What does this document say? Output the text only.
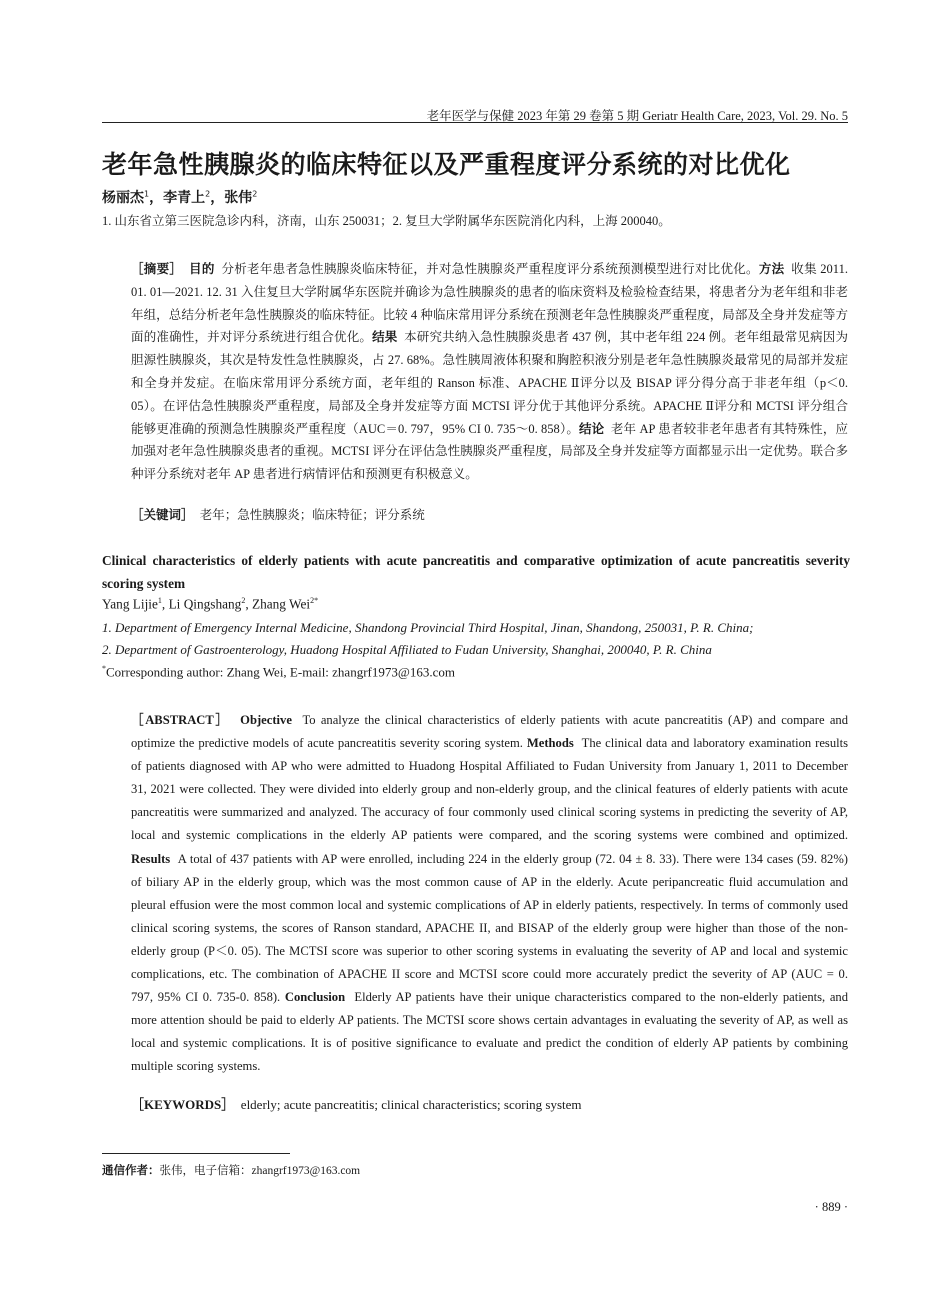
老年医学与保健 2023 年第 29 卷第 5 期 Geriatr Health Care, 2023, Vol. 29. No. 5
老年急性胰腺炎的临床特征以及严重程度评分系统的对比优化
杨丽杰$^1$，李青上$^2$，张伟$^2$
1. 山东省立第三医院急诊内科，济南，山东 250031；2. 复旦大学附属华东医院消化内科，上海 200040。
［摘要］ 目的 分析老年患者急性胰腺炎临床特征，并对急性胰腺炎严重程度评分系统预测模型进行对比优化。方法 收集 2011. 01. 01—2021. 12. 31 入住复旦大学附属华东医院并确诊为急性胰腺炎的患者的临床资料及检验检查结果，将患者分为老年组和非老年组，总结分析老年急性胰腺炎的临床特征。比较 4 种临床常用评分系统在预测老年急性胰腺炎严重程度，局部及全身并发症等方面的准确性，并对评分系统进行组合优化。结果 本研究共纳入急性胰腺炎患者 437 例，其中老年组 224 例。老年组最常见病因为胆源性胰腺炎，其次是特发性急性胰腺炎，占 27. 68%。急性胰周液体积聚和胸腔积液分别是老年急性胰腺炎最常见的局部并发症和全身并发症。在临床常用评分系统方面，老年组的 Ranson 标准、APACHE Ⅱ评分以及 BISAP 评分得分高于非老年组（p＜0. 05）。在评估急性胰腺炎严重程度，局部及全身并发症等方面 MCTSI 评分优于其他评分系统。APACHE Ⅱ评分和 MCTSI 评分组合能够更准确的预测急性胰腺炎严重程度（AUC＝0. 797，95% CI 0. 735～0. 858）。结论 老年 AP 患者较非老年患者有其特殊性，应加强对老年急性胰腺炎患者的重视。MCTSI 评分在评估急性胰腺炎严重程度，局部及全身并发症等方面都显示出一定优势。联合多种评分系统对老年 AP 患者进行病情评估和预测更有积极意义。
［关键词］ 老年；急性胰腺炎；临床特征；评分系统
Clinical characteristics of elderly patients with acute pancreatitis and comparative optimization of acute pancreatitis severity scoring system
Yang Lijie$^1$, Li Qingshang$^2$, Zhang Wei$^{2*}$
1. Department of Emergency Internal Medicine, Shandong Provincial Third Hospital, Jinan, Shandong, 250031, P. R. China;
2. Department of Gastroenterology, Huadong Hospital Affiliated to Fudan University, Shanghai, 200040, P. R. China
*Corresponding author: Zhang Wei, E-mail: zhangrf1973@163.com
［ABSTRACT］ Objective To analyze the clinical characteristics of elderly patients with acute pancreatitis (AP) and compare and optimize the predictive models of acute pancreatitis severity scoring system. Methods The clinical data and laboratory examination results of patients diagnosed with AP who were admitted to Huadong Hospital Affiliated to Fudan University from January 1, 2011 to December 31, 2021 were collected. They were divided into elderly group and non-elderly group, and the clinical features of elderly patients with acute pancreatitis were summarized and analyzed. The accuracy of four commonly used clinical scoring systems in predicting the severity of AP, local and systemic complications in the elderly AP patients were compared, and the scoring systems were combined and optimized. Results A total of 437 patients with AP were enrolled, including 224 in the elderly group (72. 04 ± 8. 33). There were 134 cases (59. 82%) of biliary AP in the elderly group, which was the most common cause of AP in the elderly. Acute peripancreatic fluid accumulation and pleural effusion were the most common local and systemic complications of AP in elderly patients, respectively. In terms of commonly used clinical scoring systems, the scores of Ranson standard, APACHE II, and BISAP of the elderly group were higher than those of the non-elderly group (P＜0. 05). The MCTSI score was superior to other scoring systems in evaluating the severity of AP and local and systemic complications, etc. The combination of APACHE II score and MCTSI score could more accurately predict the severity of AP (AUC = 0. 797, 95% CI 0. 735-0. 858). Conclusion Elderly AP patients have their unique characteristics compared to the non-elderly patients, and more attention should be paid to elderly AP patients. The MCTSI score shows certain advantages in evaluating the severity of AP, as well as local and systemic complications. It is of positive significance to evaluate and predict the condition of elderly AP patients by combining multiple scoring systems.
［KEYWORDS］ elderly; acute pancreatitis; clinical characteristics; scoring system
通信作者：张伟，电子信箱：zhangrf1973@163.com
· 889 ·
